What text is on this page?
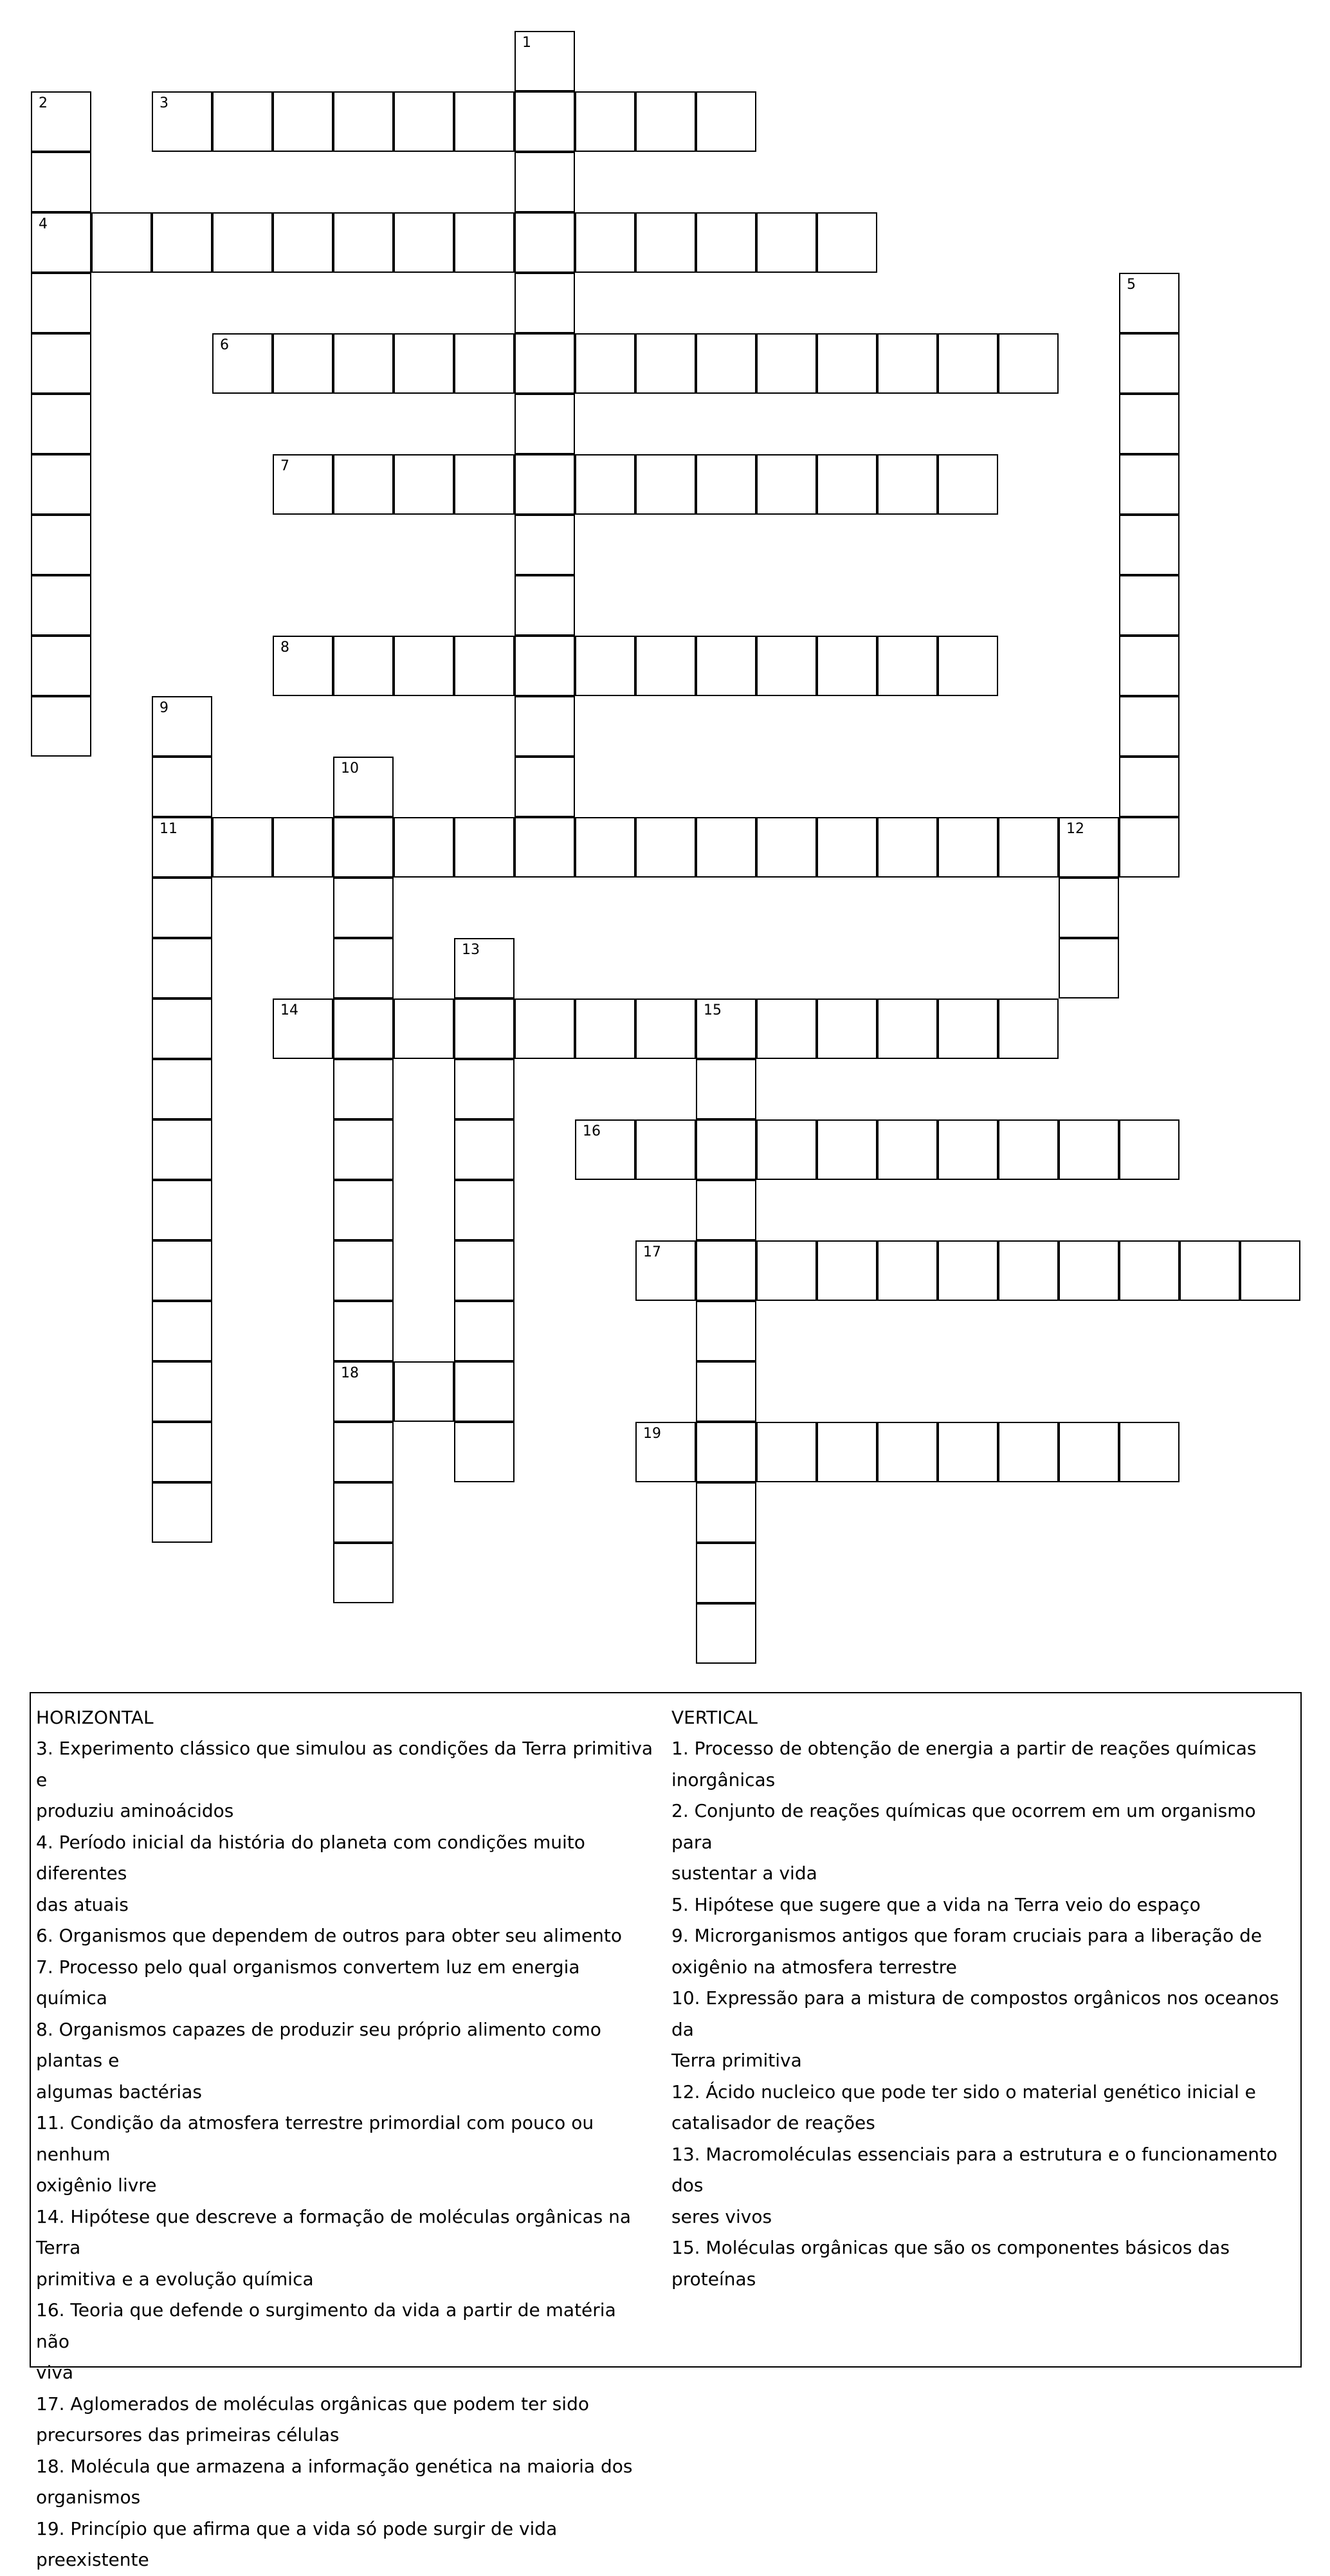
1
2
4
3
5
6
7
8
9
11
10
18
12
13
14	15
16
17
19
HORIZONTAL

3. Experimento clássico que simulou as condições da Terra primitiva e

produziu aminoácidos

4. Período inicial da história do planeta com condições muito diferentes

das atuais

6. Organismos que dependem de outros para obter seu alimento

7. Processo pelo qual organismos convertem luz em energia química

8. Organismos capazes de produzir seu próprio alimento como plantas e

algumas bactérias

11. Condição da atmosfera terrestre primordial com pouco ou nenhum

oxigênio livre

14. Hipótese que descreve a formação de moléculas orgânicas na Terra

primitiva e a evolução química

16. Teoria que defende o surgimento da vida a partir de matéria não

viva

17. Aglomerados de moléculas orgânicas que podem ter sido

precursores das primeiras células

18. Molécula que armazena a informação genética na maioria dos

organismos

19. Princípio que afirma que a vida só pode surgir de vida preexistente

VERTICAL

1. Processo de obtenção de energia a partir de reações químicas

inorgânicas

2. Conjunto de reações químicas que ocorrem em um organismo para

sustentar a vida

5. Hipótese que sugere que a vida na Terra veio do espaço

9. Microrganismos antigos que foram cruciais para a liberação de

oxigênio na atmosfera terrestre

10. Expressão para a mistura de compostos orgânicos nos oceanos da

Terra primitiva

12. Ácido nucleico que pode ter sido o material genético inicial e

catalisador de reações

13. Macromoléculas essenciais para a estrutura e o funcionamento dos

seres vivos

15. Moléculas orgânicas que são os componentes básicos das proteínas
